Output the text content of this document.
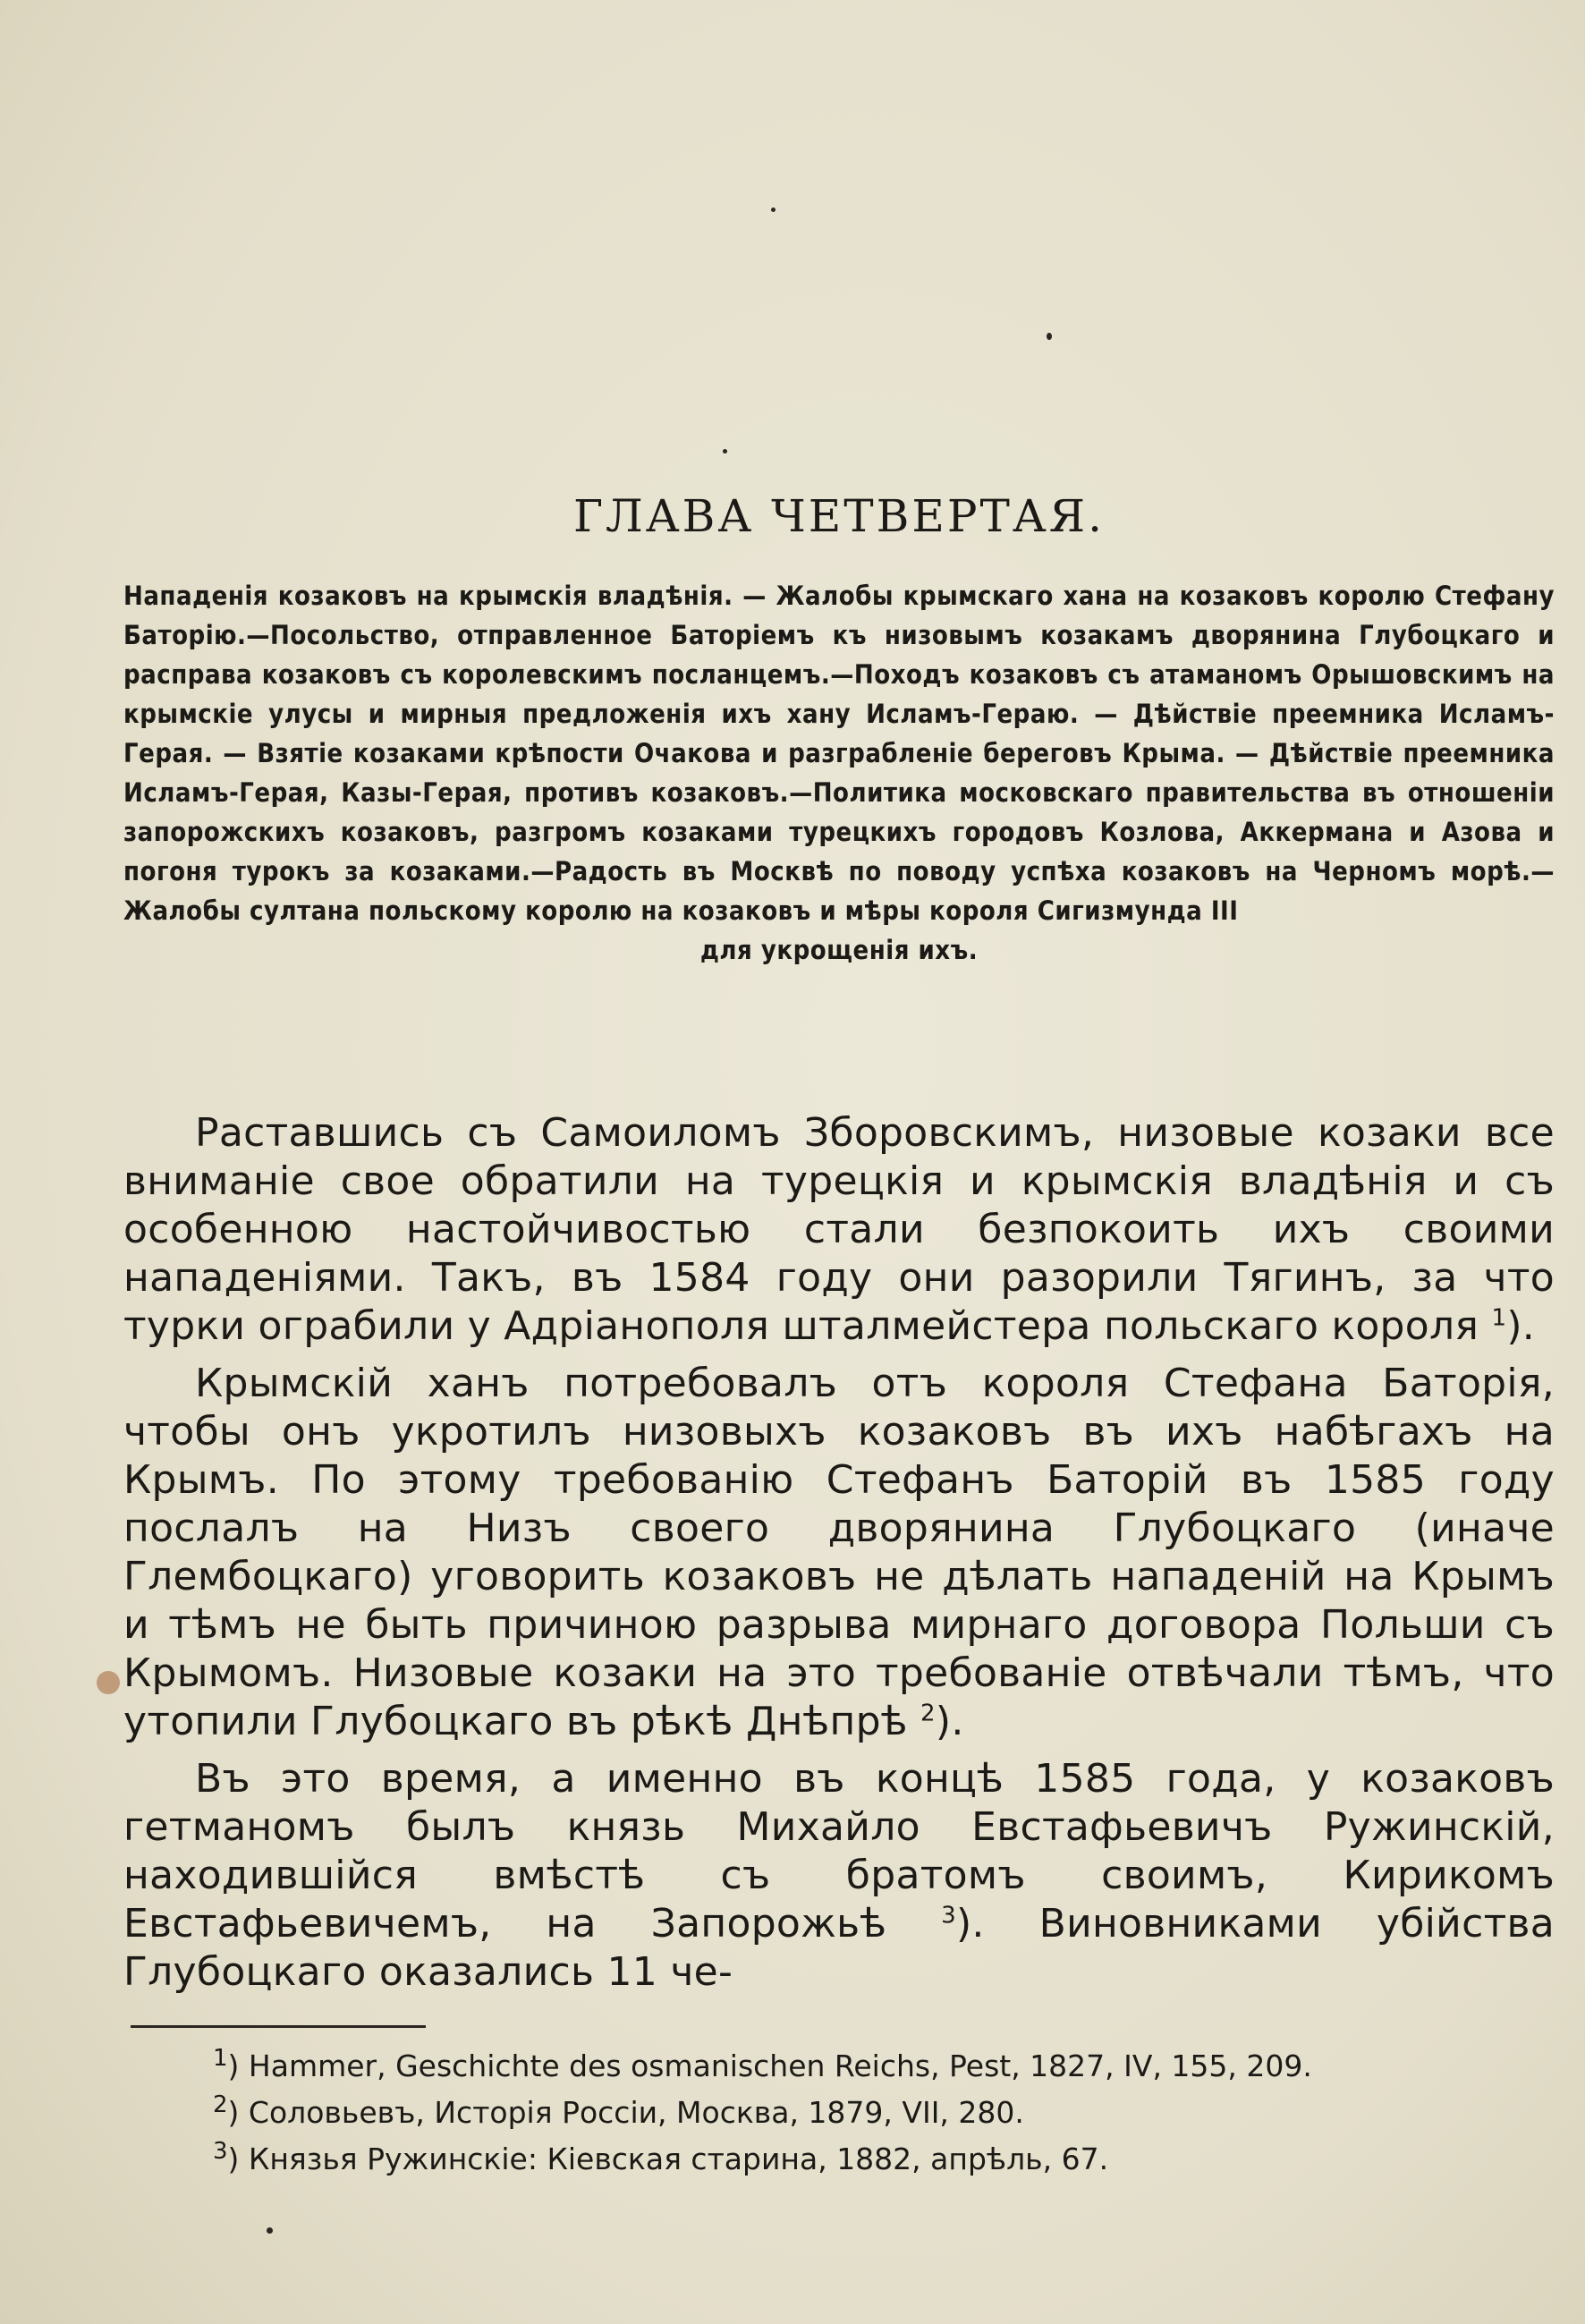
ГЛАВА ЧЕТВЕРТАЯ.
Нападенія козаковъ на крымскія владѣнія. — Жалобы крымскаго хана на козаковъ королю Стефану Баторію.—Посольство, отправленное Баторіемъ къ низовымъ козакамъ дворянина Глубоцкаго и расправа козаковъ съ королевскимъ посланцемъ.—Походъ козаковъ съ атаманомъ Орышовскимъ на крымскіе улусы и мирныя предложенія ихъ хану Исламъ-Гераю. — Дѣйствіе преемника Исламъ-Герая. — Взятіе козаками крѣпости Очакова и разграбленіе береговъ Крыма. — Дѣйствіе преемника Исламъ-Герая, Казы-Герая, противъ козаковъ.—Политика московскаго правительства въ отношеніи запорожскихъ козаковъ, разгромъ козаками турецкихъ городовъ Козлова, Аккермана и Азова и погоня турокъ за козаками.—Радость въ Москвѣ по поводу успѣха козаковъ на Черномъ морѣ.—Жалобы султана польскому королю на козаковъ и мѣры короля Сигизмунда III
для укрощенія ихъ.

Раставшись съ Самоиломъ Зборовскимъ, низовые козаки все вниманіе свое обратили на турецкія и крымскія владѣнія и съ особенною настойчивостью стали безпокоить ихъ своими нападеніями. Такъ, въ 1584 году они разорили Тягинъ, за что турки ограбили у Адріанополя шталмейстера польскаго короля $^1$).

Крымскій ханъ потребовалъ отъ короля Стефана Баторія, чтобы онъ укротилъ низовыхъ козаковъ въ ихъ набѣгахъ на Крымъ. По этому требованію Стефанъ Баторій въ 1585 году послалъ на Низъ своего дворянина Глубоцкаго (иначе Глембоцкаго) уговорить козаковъ не дѣлать нападеній на Крымъ и тѣмъ не быть причиною разрыва мирнаго договора Польши съ Крымомъ. Низовые козаки на это требованіе отвѣчали тѣмъ, что утопили Глубоцкаго въ рѣкѣ Днѣпрѣ $^2$).

Въ это время, а именно въ концѣ 1585 года, у козаковъ гетманомъ былъ князь Михайло Евстафьевичъ Ружинскій, находившійся вмѣстѣ съ братомъ своимъ, Кирикомъ Евстафьевичемъ, на Запорожьѣ $^3$). Виновниками убійства Глубоцкаго оказались 11 че-

$^1$) Hammer, Geschichte des osmanischen Reichs, Pest, 1827, IV, 155, 209.
$^2$) Соловьевъ, Исторія Россіи, Москва, 1879, VII, 280.
$^3$) Князья Ружинскіе: Кіевская старина, 1882, апрѣль, 67.
